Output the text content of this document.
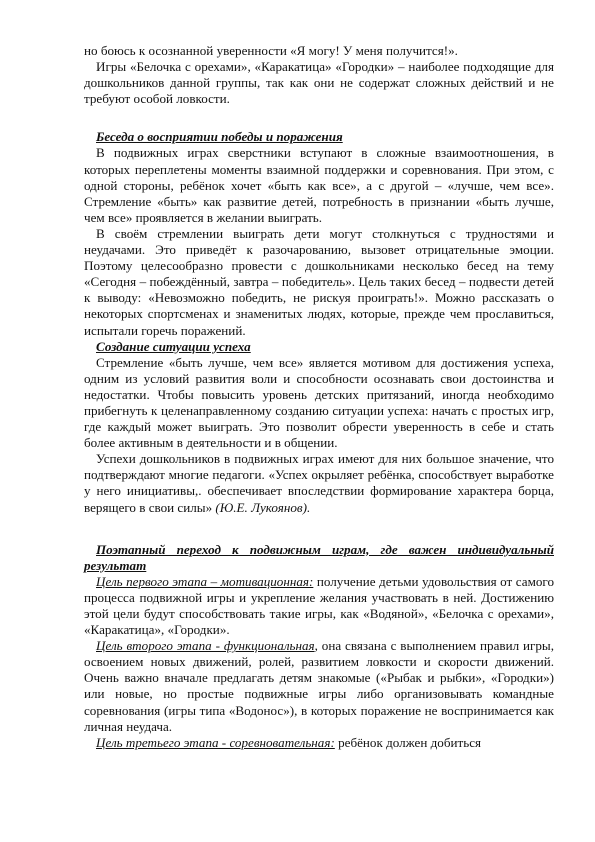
но боюсь к осознанной уверенности «Я могу! У меня получится!».

Игры «Белочка с орехами», «Каракатица» «Городки» – наиболее подходящие для дошкольников данной группы, так как они не содержат сложных действий и не требуют особой ловкости.

Беседа о восприятии победы и поражения

В подвижных играх сверстники вступают в сложные взаимоотношения, в которых переплетены моменты взаимной поддержки и соревнования. При этом, с одной стороны, ребёнок хочет «быть как все», а с другой – «лучше, чем все». Стремление «быть» как развитие детей, потребность в признании «быть лучше, чем все» проявляется в желании выиграть.

В своём стремлении выиграть дети могут столкнуться с трудностями и неудачами. Это приведёт к разочарованию, вызовет отрицательные эмоции. Поэтому целесообразно провести с дошкольниками несколько бесед на тему «Сегодня – побеждённый, завтра – победитель». Цель таких бесед – подвести детей к выводу: «Невозможно победить, не рискуя проиграть!». Можно рассказать о некоторых спортсменах и знаменитых людях, которые, прежде чем прославиться, испытали горечь поражений.

Создание ситуации успеха

Стремление «быть лучше, чем все» является мотивом для достижения успеха, одним из условий развития воли и способности осознавать свои достоинства и недостатки. Чтобы повысить уровень детских притязаний, иногда необходимо прибегнуть к целенаправленному созданию ситуации успеха: начать с простых игр, где каждый может выиграть. Это позволит обрести уверенность в себе и стать более активным в деятельности и в общении.

Успехи дошкольников в подвижных играх имеют для них большое значение, что подтверждают многие педагоги. «Успех окрыляет ребёнка, способствует выработке у него инициативы,. обеспечивает впоследствии формирование характера борца, верящего в свои силы» (Ю.Е. Лукоянов).

Поэтапный переход к подвижным играм, где важен индивидуальный результат

Цель первого этапа – мотивационная: получение детьми удовольствия от самого процесса подвижной игры и укрепление желания участвовать в ней. Достижению этой цели будут способствовать такие игры, как «Водяной», «Белочка с орехами», «Каракатица», «Городки».

Цель второго этапа - функциональная, она связана с выполнением правил игры, освоением новых движений, ролей, развитием ловкости и скорости движений. Очень важно вначале предлагать детям знакомые («Рыбак и рыбки», «Городки») или новые, но простые подвижные игры либо организовывать командные соревнования (игры типа «Водонос»), в которых поражение не воспринимается как личная неудача.

Цель третьего этапа - соревновательная: ребёнок должен добиться
